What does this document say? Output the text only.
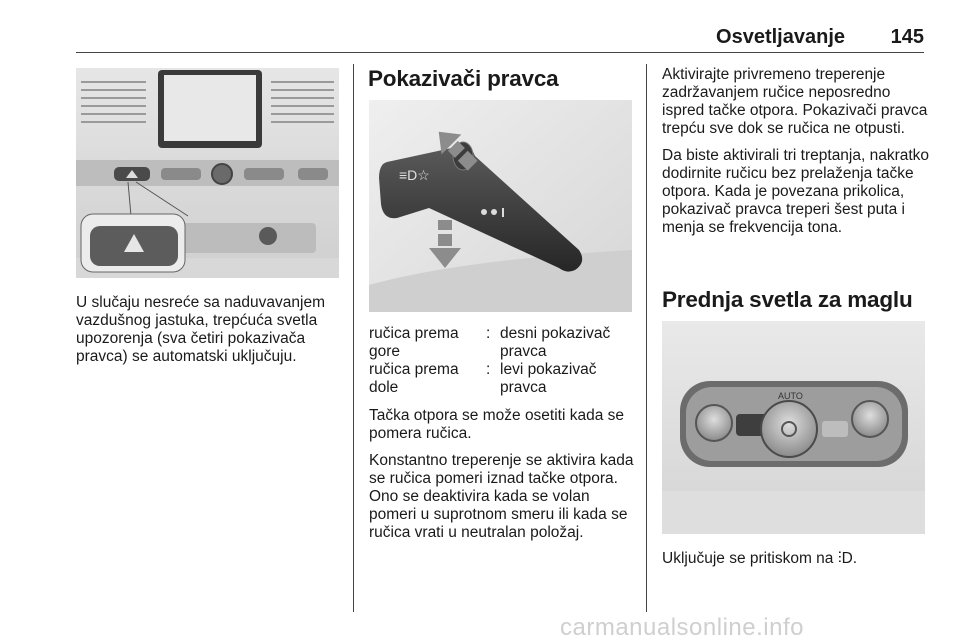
Osvetljavanje 145

U slučaju nesreće sa naduvavanjem vazdušnog jastuka, trepćuća svetla upozorenja (sva četiri pokazivača pravca) se automatski uključuju.

Pokazivači pravca
≡D☆
ručica prema gore
: desni pokazivač pravca
ručica prema dole
: levi pokazivač pravca

Tačka otpora se može osetiti kada se pomera ručica.

Konstantno treperenje se aktivira kada se ručica pomeri iznad tačke otpora. Ono se deaktivira kada se volan pomeri u suprotnom smeru ili kada se ručica vrati u neutralan položaj.

Aktivirajte privremeno treperenje zadržavanjem ručice neposredno ispred tačke otpora. Pokazivači pravca trepću sve dok se ručica ne otpusti.

Da biste aktivirali tri treptanja, nakratko dodirnite ručicu bez prelaženja tačke otpora. Kada je povezana prikolica, pokazivač pravca treperi šest puta i menja se frekvencija tona.

Prednja svetla za maglu
AUTO

Uključuje se pritiskom na ⫶D.

carmanualsonline.info
